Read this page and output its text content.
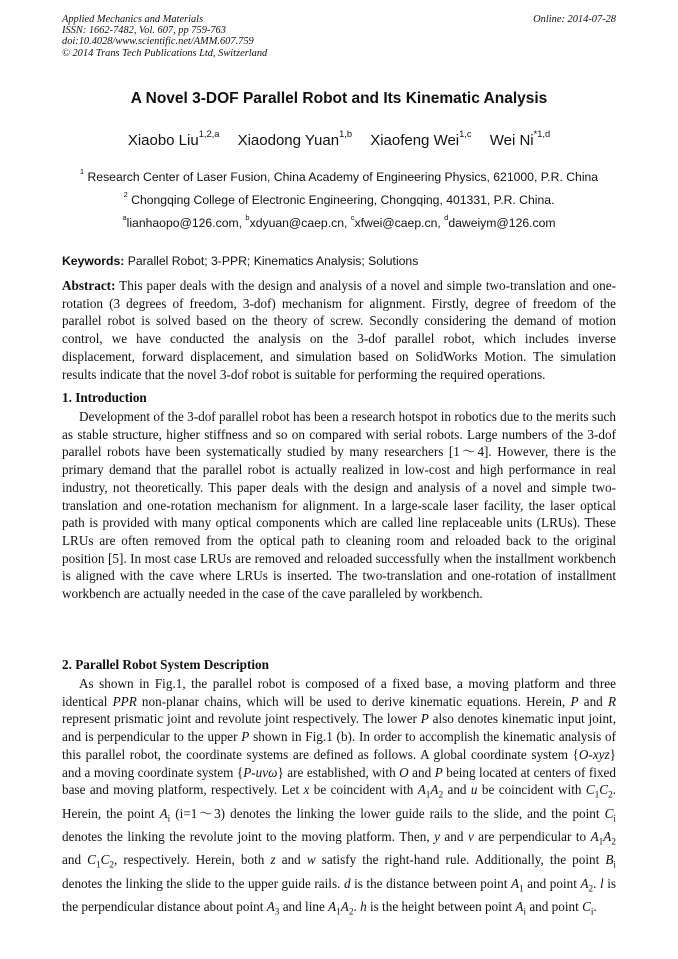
Applied Mechanics and Materials
ISSN: 1662-7482, Vol. 607, pp 759-763
doi:10.4028/www.scientific.net/AMM.607.759
© 2014 Trans Tech Publications Ltd, Switzerland
Online: 2014-07-28
A Novel 3-DOF Parallel Robot and Its Kinematic Analysis
Xiaobo Liu$^{1,2,a}$ Xiaodong Yuan$^{1,b}$ Xiaofeng Wei$^{1,c}$ Wei Ni$^{*1,d}$
$^1$ Research Center of Laser Fusion, China Academy of Engineering Physics, 621000, P.R. China
$^2$ Chongqing College of Electronic Engineering, Chongqing, 401331, P.R. China.
$^a$lianhaopo@126.com, $^b$xdyuan@caep.cn, $^c$xfwei@caep.cn, $^d$daweiym@126.com
Keywords: Parallel Robot; 3-PPR; Kinematics Analysis; Solutions
Abstract: This paper deals with the design and analysis of a novel and simple two-translation and one-rotation (3 degrees of freedom, 3-dof) mechanism for alignment. Firstly, degree of freedom of the parallel robot is solved based on the theory of screw. Secondly considering the demand of motion control, we have conducted the analysis on the 3-dof parallel robot, which includes inverse displacement, forward displacement, and simulation based on SolidWorks Motion. The simulation results indicate that the novel 3-dof robot is suitable for performing the required operations.
1. Introduction
Development of the 3-dof parallel robot has been a research hotspot in robotics due to the merits such as stable structure, higher stiffness and so on compared with serial robots. Large numbers of the 3-dof parallel robots have been systematically studied by many researchers [1～4]. However, there is the primary demand that the parallel robot is actually realized in low-cost and high performance in real industry, not theoretically. This paper deals with the design and analysis of a novel and simple two-translation and one-rotation mechanism for alignment. In a large-scale laser facility, the laser optical path is provided with many optical components which are called line replaceable units (LRUs). These LRUs are often removed from the optical path to cleaning room and reloaded back to the original position [5]. In most case LRUs are removed and reloaded successfully when the installment workbench is aligned with the cave where LRUs is inserted. The two-translation and one-rotation of installment workbench are actually needed in the case of the cave paralleled by workbench.
2. Parallel Robot System Description
As shown in Fig.1, the parallel robot is composed of a fixed base, a moving platform and three identical PPR non-planar chains, which will be used to derive kinematic equations. Herein, P and R represent prismatic joint and revolute joint respectively. The lower P also denotes kinematic input joint, and is perpendicular to the upper P shown in Fig.1 (b). In order to accomplish the kinematic analysis of this parallel robot, the coordinate systems are defined as follows. A global coordinate system {O-xyz} and a moving coordinate system {P-uvω} are established, with O and P being located at centers of fixed base and moving platform, respectively. Let x be coincident with $A_1A_2$ and u be coincident with $C_1C_2$. Herein, the point $A_i$ (i=1～3) denotes the linking the lower guide rails to the slide, and the point $C_i$ denotes the linking the revolute joint to the moving platform. Then, y and v are perpendicular to $A_1A_2$ and $C_1C_2$, respectively. Herein, both z and w satisfy the right-hand rule. Additionally, the point $B_i$ denotes the linking the slide to the upper guide rails. d is the distance between point $A_1$ and point $A_2$. l is the perpendicular distance about point $A_3$ and line $A_1A_2$. h is the height between point $A_i$ and point $C_i$.
